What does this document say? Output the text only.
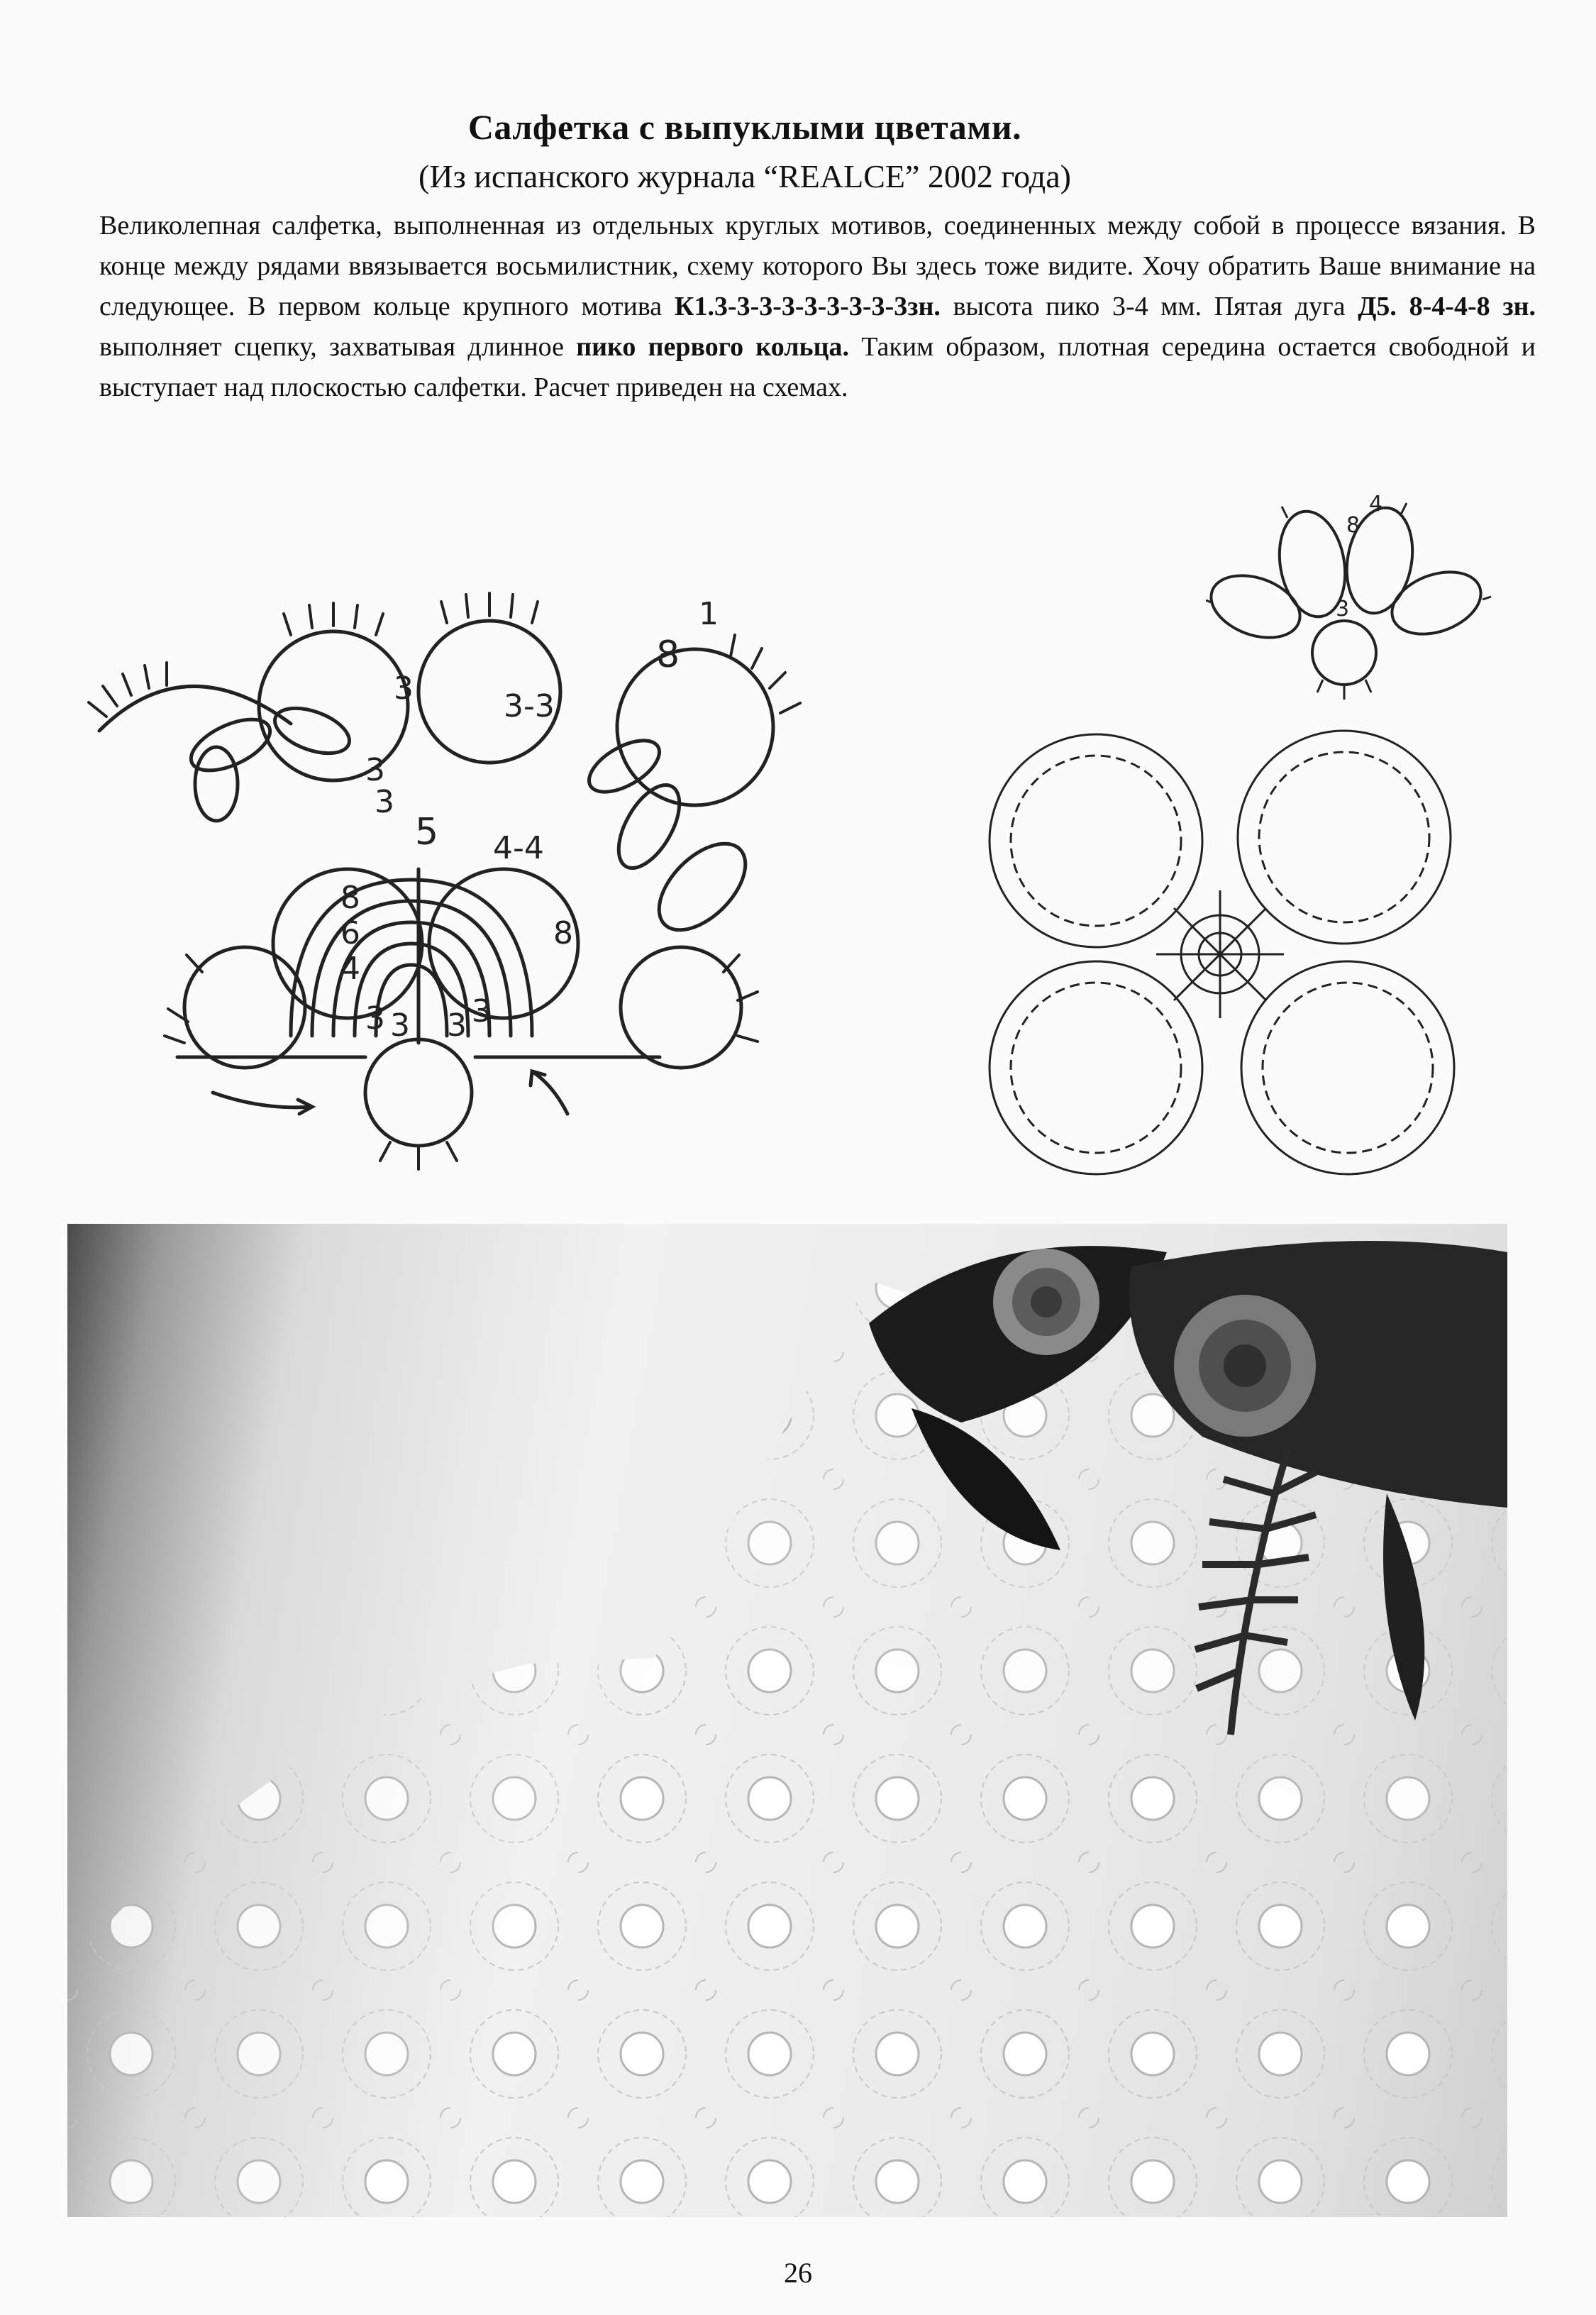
Салфетка с выпуклыми цветами.
(Из испанского журнала “REALCE” 2002 года)
Великолепная салфетка, выполненная из отдельных круглых мотивов, соединенных между собой в процессе вязания. В конце между рядами ввязывается восьмилистник, схему которого Вы здесь тоже видите. Хочу обратить Ваше внимание на следующее. В первом кольце крупного мотива К1.3-3-3-3-3-3-3-3-3зн. высота пико 3-4 мм. Пятая дуга Д5. 8-4-4-8 зн. выполняет сцепку, захватывая длинное пико первого кольца. Таким образом, плотная середина остается свободной и выступает над плоскостью салфетки. Расчет приведен на схемах.
3
3
3
5
3-3
4-4
8
1
8
8
6
4
3 3 3 3
8
4
3
26
